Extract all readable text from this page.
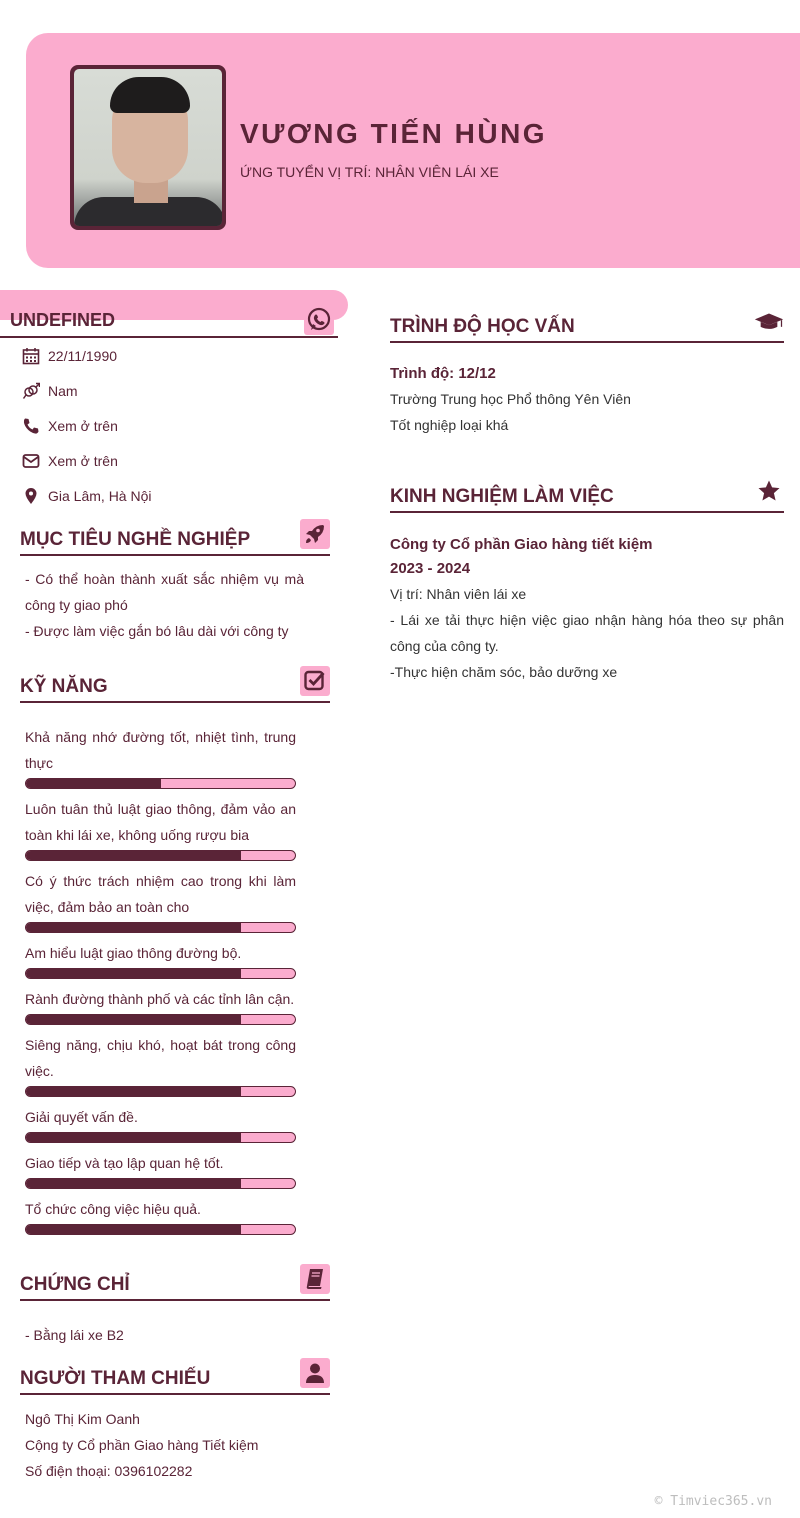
VƯƠNG TIẾN HÙNG
ỨNG TUYỂN VỊ TRÍ: NHÂN VIÊN LÁI XE
UNDEFINED
22/11/1990
Nam
Xem ở trên
Xem ở trên
Gia Lâm, Hà Nội
MỤC TIÊU NGHỀ NGHIỆP

- Có thể hoàn thành xuất sắc nhiệm vụ mà công ty giao phó

- Được làm việc gắn bó lâu dài với công ty

KỸ NĂNG
Khả năng nhớ đường tốt, nhiệt tình, trung thực
Luôn tuân thủ luật giao thông, đảm vảo an toàn khi lái xe, không uống rượu bia
Có ý thức trách nhiệm cao trong khi làm việc, đảm bảo an toàn cho
Am hiểu luật giao thông đường bộ.
Rành đường thành phố và các tỉnh lân cận.
Siêng năng, chịu khó, hoạt bát trong công việc.
Giải quyết vấn đề.
Giao tiếp và tạo lập quan hệ tốt.
Tổ chức công việc hiệu quả.
CHỨNG CHỈ

- Bằng lái xe B2

NGƯỜI THAM CHIẾU

Ngô Thị Kim Oanh

Cộng ty Cổ phần Giao hàng Tiết kiệm

Số điện thoại: 0396102282

TRÌNH ĐỘ HỌC VẤN
Trình độ: 12/12
Trường Trung học Phổ thông Yên Viên
Tốt nghiệp loại khá
KINH NGHIỆM LÀM VIỆC
Công ty Cổ phần Giao hàng tiết kiệm
2023 - 2024
Vị trí: Nhân viên lái xe
- Lái xe tải thực hiện việc giao nhận hàng hóa theo sự phân công của công ty.
-Thực hiện chăm sóc, bảo dưỡng xe
© Timviec365.vn
